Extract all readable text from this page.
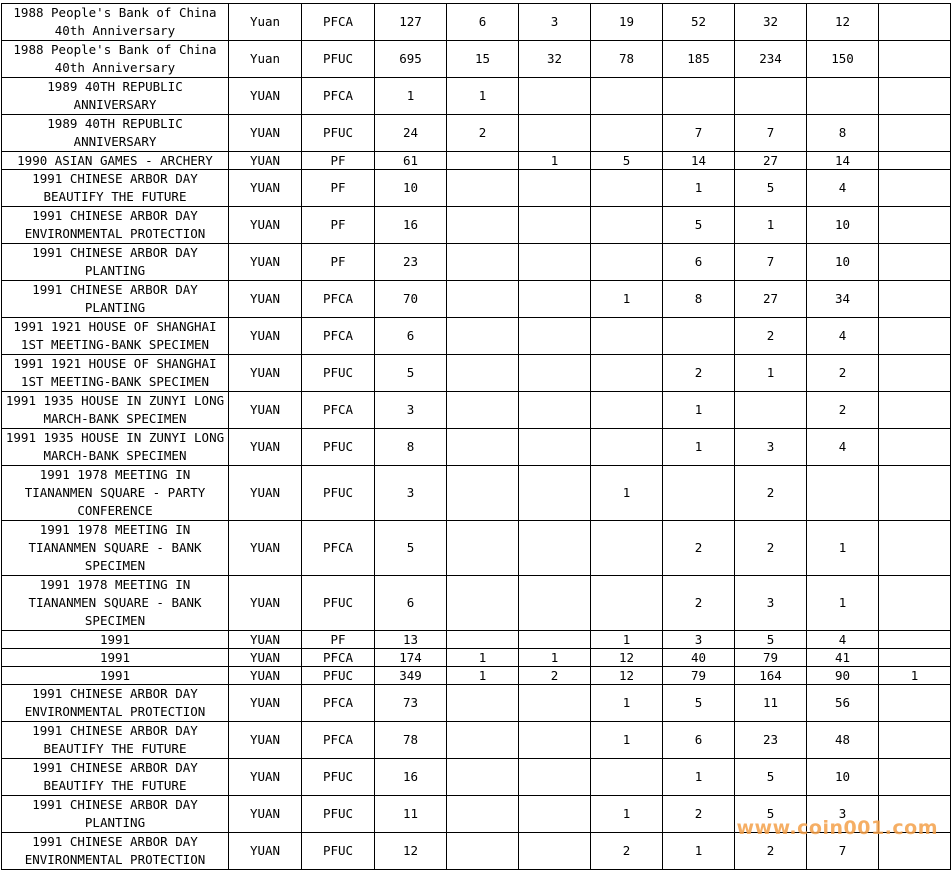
1988 People's Bank of China 40th Anniversary	Yuan	PFCA	127	6	3	19	52	32	12	
1988 People's Bank of China 40th Anniversary	Yuan	PFUC	695	15	32	78	185	234	150	
1989 40TH REPUBLIC ANNIVERSARY	YUAN	PFCA	1	1						
1989 40TH REPUBLIC ANNIVERSARY	YUAN	PFUC	24	2			7	7	8	
1990 ASIAN GAMES - ARCHERY	YUAN	PF	61		1	5	14	27	14	
1991 CHINESE ARBOR DAY BEAUTIFY THE FUTURE	YUAN	PF	10				1	5	4	
1991 CHINESE ARBOR DAY ENVIRONMENTAL PROTECTION	YUAN	PF	16				5	1	10	
1991 CHINESE ARBOR DAY PLANTING	YUAN	PF	23				6	7	10	
1991 CHINESE ARBOR DAY PLANTING	YUAN	PFCA	70			1	8	27	34	
1991 1921 HOUSE OF SHANGHAI 1ST MEETING-BANK SPECIMEN	YUAN	PFCA	6					2	4	
1991 1921 HOUSE OF SHANGHAI 1ST MEETING-BANK SPECIMEN	YUAN	PFUC	5				2	1	2	
1991 1935 HOUSE IN ZUNYI LONG MARCH-BANK SPECIMEN	YUAN	PFCA	3				1		2	
1991 1935 HOUSE IN ZUNYI LONG MARCH-BANK SPECIMEN	YUAN	PFUC	8				1	3	4	
1991 1978 MEETING IN TIANANMEN SQUARE - PARTY CONFERENCE	YUAN	PFUC	3			1		2		
1991 1978 MEETING IN TIANANMEN SQUARE - BANK SPECIMEN	YUAN	PFCA	5				2	2	1	
1991 1978 MEETING IN TIANANMEN SQUARE - BANK SPECIMEN	YUAN	PFUC	6				2	3	1	
1991	YUAN	PF	13			1	3	5	4	
1991	YUAN	PFCA	174	1	1	12	40	79	41	
1991	YUAN	PFUC	349	1	2	12	79	164	90	1
1991 CHINESE ARBOR DAY ENVIRONMENTAL PROTECTION	YUAN	PFCA	73			1	5	11	56	
1991 CHINESE ARBOR DAY BEAUTIFY THE FUTURE	YUAN	PFCA	78			1	6	23	48	
1991 CHINESE ARBOR DAY BEAUTIFY THE FUTURE	YUAN	PFUC	16				1	5	10	
1991 CHINESE ARBOR DAY PLANTING	YUAN	PFUC	11			1	2	5	3	
1991 CHINESE ARBOR DAY ENVIRONMENTAL PROTECTION	YUAN	PFUC	12			2	1	2	7	
www.coin001.com
